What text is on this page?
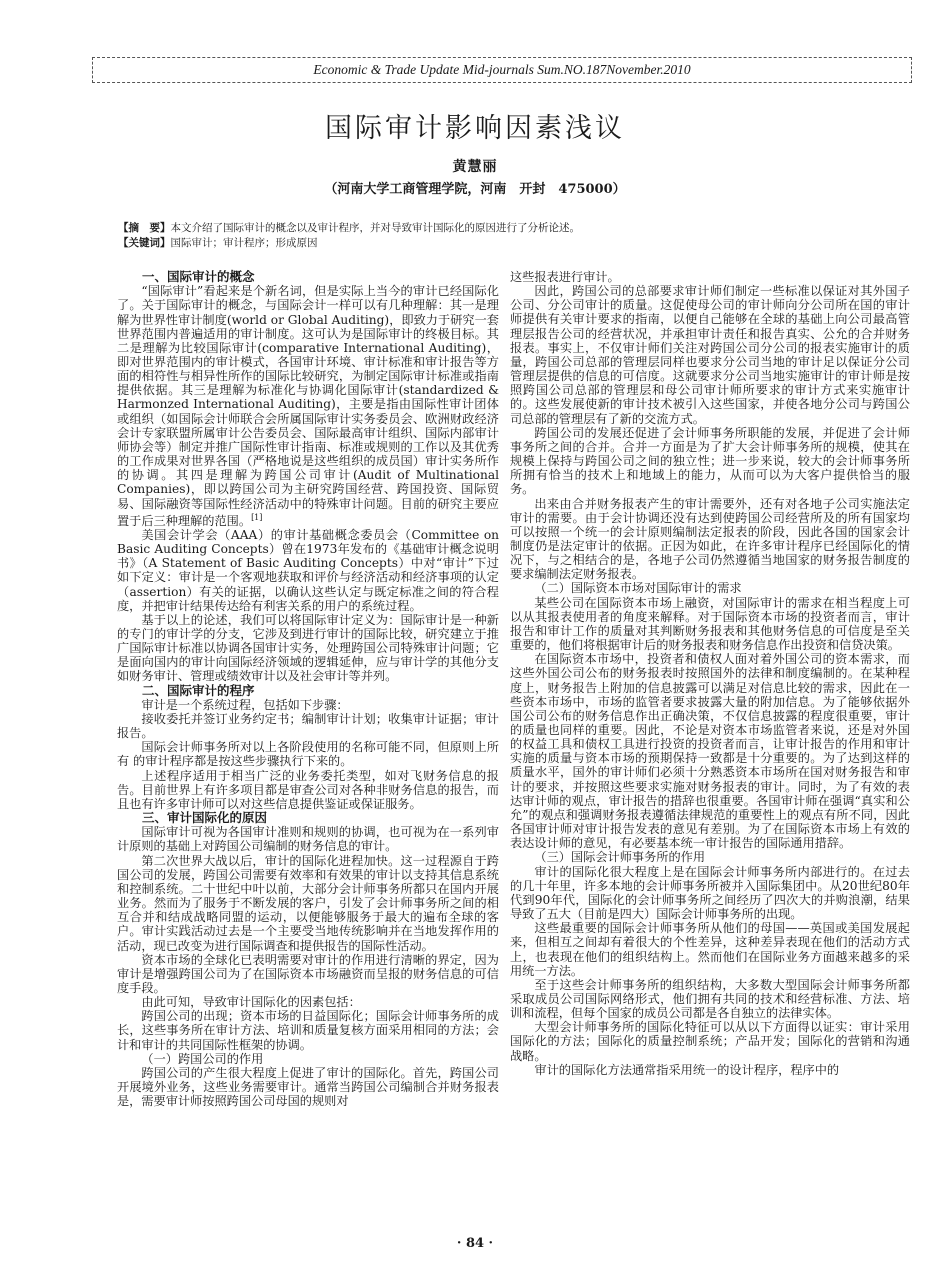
Economic & Trade Update Mid-journals Sum.NO.187November.2010
国际审计影响因素浅议
黄慧丽
（河南大学工商管理学院，河南　开封　475000）
【摘　要】本文介绍了国际审计的概念以及审计程序，并对导致审计国际化的原因进行了分析论述。
【关键词】国际审计；审计程序；形成原因
一、国际审计的概念

“国际审计”看起来是个新名词，但是实际上当今的审计已经国际化了。关于国际审计的概念，与国际会计一样可以有几种理解：其一是理解为世界性审计制度(world or Global Auditing)，即致力于研究一套世界范围内普遍适用的审计制度。这可认为是国际审计的终极目标。其二是理解为比较国际审计(comparative International Auditing)，即对世界范围内的审计模式，各国审计环境、审计标准和审计报告等方面的相符性与相异性所作的国际比较研究，为制定国际审计标准或指南提供依据。其三是理解为标准化与协调化国际审计(standardized & Harmonzed International Auditing)，主要是指由国际性审计团体或组织（如国际会计师联合会所属国际审计实务委员会、欧洲财政经济会计专家联盟所属审计公告委员会、国际最高审计组织、国际内部审计师协会等）制定并推广国际性审计指南、标准或规则的工作以及其优秀的工作成果对世界各国（严格地说是这些组织的成员国）审计实务所作的协调。其四是理解为跨国公司审计(Audit of Multinational Companies)，即以跨国公司为主研究跨国经营、跨国投资、国际贸易、国际融资等国际性经济活动中的特殊审计问题。目前的研究主要应置于后三种理解的范围。[1]

美国会计学会（AAA）的审计基础概念委员会（Committee on Basic Auditing Concepts）曾在1973年发布的《基础审计概念说明书》（A Statement of Basic Auditing Concepts）中对“审计”下过如下定义：审计是一个客观地获取和评价与经济活动和经济事项的认定（assertion）有关的证据，以确认这些认定与既定标准之间的符合程度，并把审计结果传达给有利害关系的用户的系统过程。

基于以上的论述，我们可以将国际审计定义为：国际审计是一种新的专门的审计学的分支，它涉及到进行审计的国际比较，研究建立于推广国际审计标准以协调各国审计实务，处理跨国公司特殊审计问题；它是面向国内的审计向国际经济领域的逻辑延伸，应与审计学的其他分支如财务审计、管理或绩效审计以及社会审计等并列。

二、国际审计的程序

审计是一个系统过程，包括如下步骤：

接收委托并签订业务约定书；编制审计计划；收集审计证据；审计报告。

国际会计师事务所对以上各阶段使用的名称可能不同，但原则上所有 的审计程序都是按这些步骤执行下来的。

上述程序适用于相当广泛的业务委托类型，如对飞财务信息的报告。目前世界上有许多项目都是审查公司对各种非财务信息的报告，而且也有许多审计师可以对这些信息提供鉴证或保证服务。

三、审计国际化的原因

国际审计可视为各国审计准则和规则的协调，也可视为在一系列审计原则的基础上对跨国公司编制的财务信息的审计。

第二次世界大战以后，审计的国际化进程加快。这一过程源自于跨国公司的发展，跨国公司需要有效率和有效果的审计以支持其信息系统和控制系统。二十世纪中叶以前，大部分会计师事务所都只在国内开展业务。然而为了服务于不断发展的客户，引发了会计师事务所之间的相互合并和结成战略同盟的运动，以便能够服务于最大的遍布全球的客户。审计实践活动过去是一个主要受当地传统影响并在当地发挥作用的活动，现已改变为进行国际调查和提供报告的国际性活动。

资本市场的全球化已表明需要对审计的作用进行清晰的界定，因为审计是增强跨国公司为了在国际资本市场融资而呈报的财务信息的可信度手段。

由此可知，导致审计国际化的因素包括：

跨国公司的出现；资本市场的日益国际化；国际会计师事务所的成长，这些事务所在审计方法、培训和质量复核方面采用相同的方法；会计和审计的共同国际性框架的协调。

（一）跨国公司的作用

跨国公司的产生很大程度上促进了审计的国际化。首先，跨国公司开展境外业务，这些业务需要审计。通常当跨国公司编制合并财务报表是，需要审计师按照跨国公司母国的规则对

这些报表进行审计。

因此，跨国公司的总部要求审计师们制定一些标准以保证对其外国子公司、分公司审计的质量。这促使母公司的审计师向分公司所在国的审计师提供有关审计要求的指南，以便自己能够在全球的基础上向公司最高管理层报告公司的经营状况，并承担审计责任和报告真实、公允的合并财务报表。事实上，不仅审计师们关注对跨国公司分公司的报表实施审计的质量，跨国公司总部的管理层同样也要求分公司当地的审计足以保证分公司管理层提供的信息的可信度。这就要求分公司当地实施审计的审计师是按照跨国公司总部的管理层和母公司审计师所要求的审计方式来实施审计的。这些发展使新的审计技术被引入这些国家，并使各地分公司与跨国公司总部的管理层有了新的交流方式。

跨国公司的发展还促进了会计师事务所职能的发展，并促进了会计师事务所之间的合并。合并一方面是为了扩大会计师事务所的规模，使其在规模上保持与跨国公司之间的独立性；进一步来说，较大的会计师事务所所拥有恰当的技术上和地域上的能力，从而可以为大客户提供恰当的服务。

出来由合并财务报表产生的审计需要外，还有对各地子公司实施法定审计的需要。由于会计协调还没有达到使跨国公司经营所及的所有国家均可以按照一个统一的会计原则编制法定报表的阶段，因此各国的国家会计制度仍是法定审计的依据。正因为如此，在许多审计程序已经国际化的情况下，与之相结合的是，各地子公司仍然遵循当地国家的财务报告制度的要求编制法定财务报表。

（二）国际资本市场对国际审计的需求

某些公司在国际资本市场上融资，对国际审计的需求在相当程度上可以从其报表使用者的角度来解释。对于国际资本市场的投资者而言，审计报告和审计工作的质量对其判断财务报表和其他财务信息的可信度是至关重要的，他们将根据审计后的财务报表和财务信息作出投资和信贷决策。

在国际资本市场中，投资者和债权人面对着外国公司的资本需求，而这些外国公司公布的财务报表时按照国外的法律和制度编制的。在某种程度上，财务报告上附加的信息披露可以满足对信息比较的需求，因此在一些资本市场中，市场的监管者要求披露大量的附加信息。为了能够依据外国公司公布的财务信息作出正确决策，不仅信息披露的程度很重要，审计的质量也同样的重要。因此，不论是对资本市场监管者来说，还是对外国的权益工具和债权工具进行投资的投资者而言，让审计报告的作用和审计实施的质量与资本市场的预期保持一致都是十分重要的。为了达到这样的质量水平，国外的审计师们必须十分熟悉资本市场所在国对财务报告和审计的要求，并按照这些要求实施对财务报表的审计。同时，为了有效的表达审计师的观点，审计报告的措辞也很重要。各国审计师在强调“真实和公允”的观点和强调财务报表遵循法律规范的重要性上的观点有所不同，因此各国审计师对审计报告发表的意见有差别。为了在国际资本市场上有效的表达设计师的意见，有必要基本统一审计报告的国际通用措辞。

（三）国际会计师事务所的作用

审计的国际化很大程度上是在国际会计师事务所内部进行的。在过去的几十年里，许多本地的会计师事务所被并入国际集团中。从20世纪80年代到90年代，国际化的会计师事务所之间经历了四次大的并购浪潮，结果导致了五大（目前是四大）国际会计师事务所的出现。

这些最重要的国际会计师事务所从他们的母国——英国或美国发展起来，但相互之间却有着很大的个性差异，这种差异表现在他们的活动方式上，也表现在他们的组织结构上。然而他们在国际业务方面越来越多的采用统一方法。

至于这些会计师事务所的组织结构，大多数大型国际会计师事务所都采取成员公司国际网络形式，他们拥有共同的技术和经营标准、方法、培训和流程，但每个国家的成员公司都是各自独立的法律实体。

大型会计师事务所的国际化特征可以从以下方面得以证实：审计采用国际化的方法；国际化的质量控制系统；产品开发；国际化的营销和沟通战略。

审计的国际化方法通常指采用统一的设计程序，程序中的

· 84 ·
